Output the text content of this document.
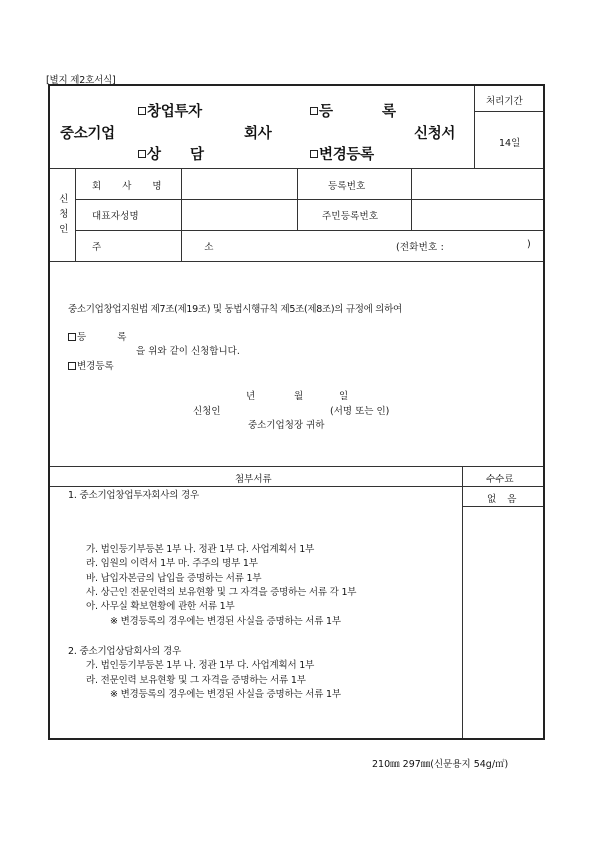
[별지 제2호서식]
창업투자
중소기업
상 담
회사
등 록
변경등록
신청서
처리기간
14일
신청인
회 사 명	등록번호
대표자성명	주민등록번호
주 소	(전화번호 :	)
중소기업창업지원법 제7조(제19조) 및 동법시행규칙 제5조(제8조)의 규정에 의하여
등 록
을 위와 같이 신청합니다.
변경등록
년	월	일
신청인	(서명 또는 인)
중소기업청장 귀하
첨부서류	수수료
없 음
1. 중소기업창업투자회사의 경우
가. 법인등기부등본 1부 나. 정관 1부 다. 사업계획서 1부
라. 임원의 이력서 1부 마. 주주의 명부 1부
바. 납입자본금의 납입을 증명하는 서류 1부
사. 상근인 전문인력의 보유현황 및 그 자격을 증명하는 서류 각 1부
아. 사무실 확보현황에 관한 서류 1부
※ 변경등록의 경우에는 변경된 사실을 증명하는 서류 1부
2. 중소기업상담회사의 경우
가. 법인등기부등본 1부 나. 정관 1부 다. 사업계획서 1부
라. 전문인력 보유현황 및 그 자격을 증명하는 서류 1부
※ 변경등록의 경우에는 변경된 사실을 증명하는 서류 1부
210㎜ 297㎜(신문용지 54g/㎡)
